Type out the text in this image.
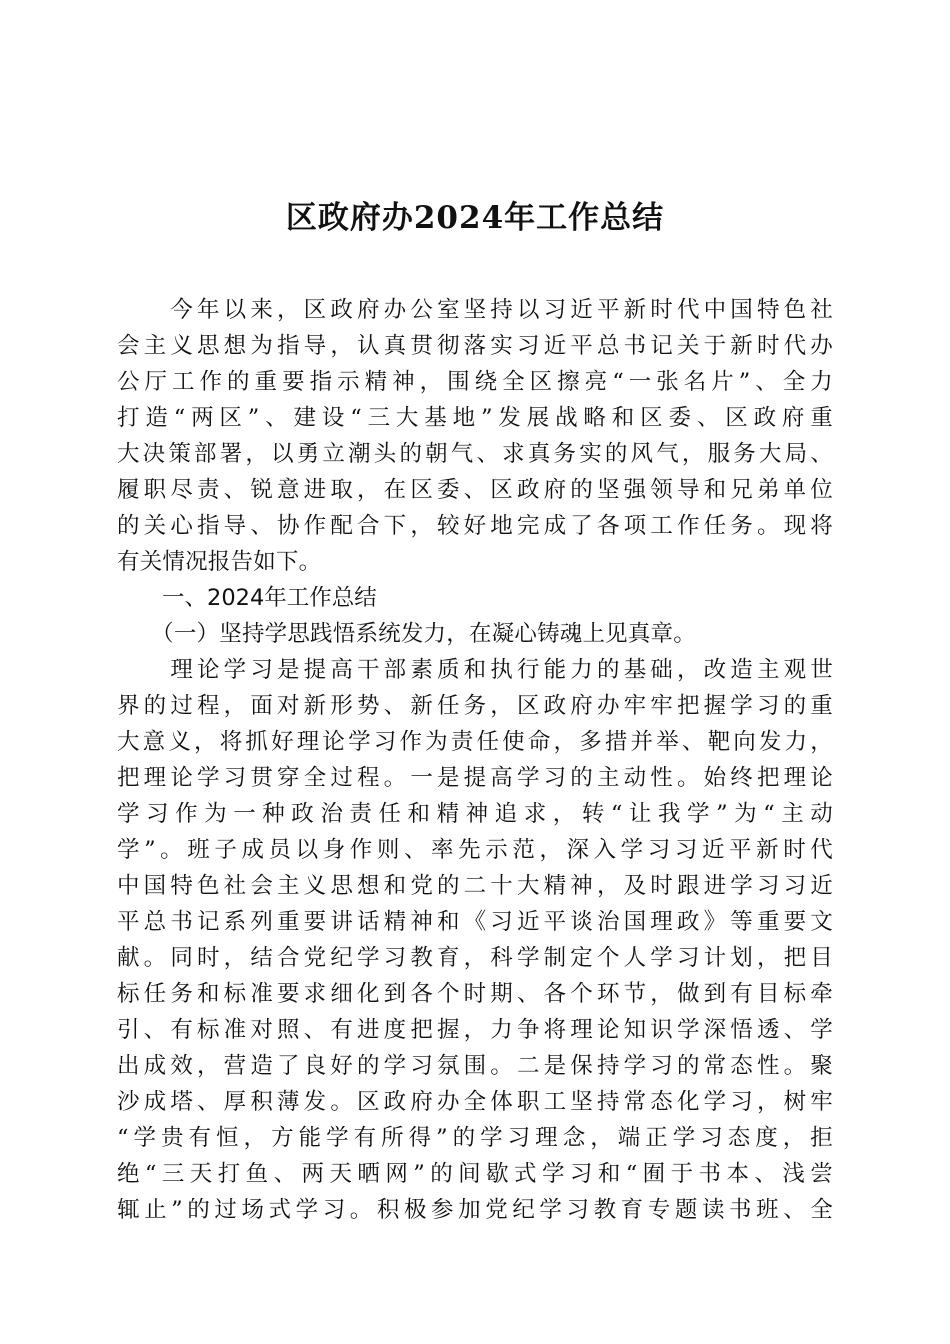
区政府办2024年工作总结
　　今年以来，区政府办公室坚持以习近平新时代中国特色社
会主义思想为指导，认真贯彻落实习近平总书记关于新时代办
公厅工作的重要指示精神，围绕全区擦亮“一张名片”、全力
打造“两区”、建设“三大基地”发展战略和区委、区政府重
大决策部署，以勇立潮头的朝气、求真务实的风气，服务大局、
履职尽责、锐意进取，在区委、区政府的坚强领导和兄弟单位
的关心指导、协作配合下，较好地完成了各项工作任务。现将
有关情况报告如下。
　　一、2024年工作总结
　　（一）坚持学思践悟系统发力，在凝心铸魂上见真章。
　　理论学习是提高干部素质和执行能力的基础，改造主观世
界的过程，面对新形势、新任务，区政府办牢牢把握学习的重
大意义，将抓好理论学习作为责任使命，多措并举、靶向发力，
把理论学习贯穿全过程。一是提高学习的主动性。始终把理论
学习作为一种政治责任和精神追求，转“让我学”为“主动
学”。班子成员以身作则、率先示范，深入学习习近平新时代
中国特色社会主义思想和党的二十大精神，及时跟进学习习近
平总书记系列重要讲话精神和《习近平谈治国理政》等重要文
献。同时，结合党纪学习教育，科学制定个人学习计划，把目
标任务和标准要求细化到各个时期、各个环节，做到有目标牵
引、有标准对照、有进度把握，力争将理论知识学深悟透、学
出成效，营造了良好的学习氛围。二是保持学习的常态性。聚
沙成塔、厚积薄发。区政府办全体职工坚持常态化学习，树牢
“学贵有恒，方能学有所得”的学习理念，端正学习态度，拒
绝“三天打鱼、两天晒网”的间歇式学习和“囿于书本、浅尝
辄止”的过场式学习。积极参加党纪学习教育专题读书班、全
